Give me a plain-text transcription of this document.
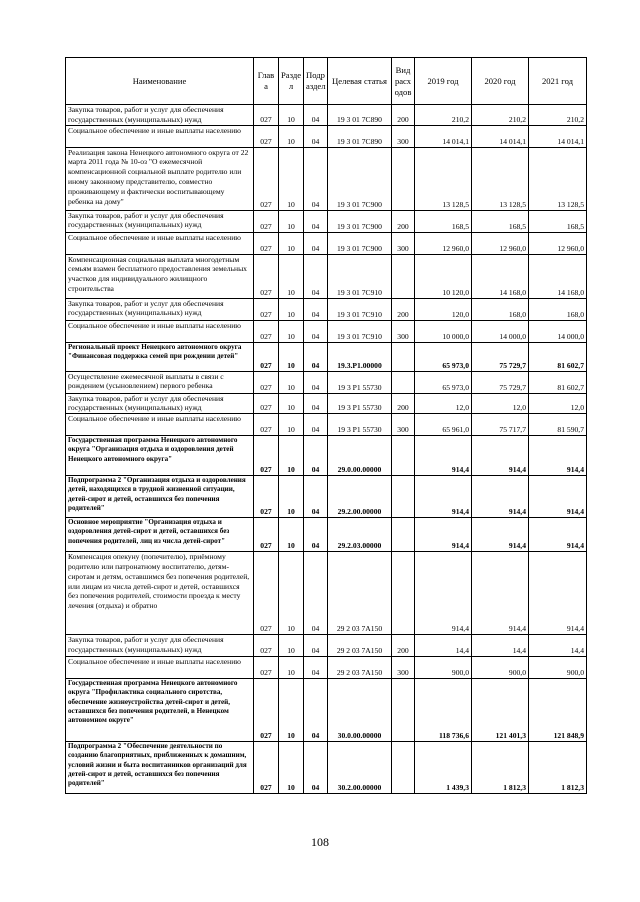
Наименование	Глав а	Разде л	Подр аздел	Целевая статья	Вид расх одов	2019 год	2020 год	2021 год
Закупка товаров, работ и услуг для обеспечения государственных (муниципальных) нужд	027	10	04	19 3 01 7С890	200	210,2	210,2	210,2
Социальное обеспечение и иные выплаты населению	027	10	04	19 3 01 7С890	300	14 014,1	14 014,1	14 014,1
Реализация закона Ненецкого автономного округа от 22 марта 2011 года № 10-оз "О ежемесячной компенсационной социальной выплате родителю или иному законному представителю, совместно проживающему и фактически воспитывающему ребенка на дому"	027	10	04	19 3 01 7С900		13 128,5	13 128,5	13 128,5
Закупка товаров, работ и услуг для обеспечения государственных (муниципальных) нужд	027	10	04	19 3 01 7С900	200	168,5	168,5	168,5
Социальное обеспечение и иные выплаты населению	027	10	04	19 3 01 7С900	300	12 960,0	12 960,0	12 960,0
Компенсационная социальная выплата многодетным семьям взамен бесплатного предоставления земельных участков для индивидуального жилищного строительства	027	10	04	19 3 01 7С910		10 120,0	14 168,0	14 168,0
Закупка товаров, работ и услуг для обеспечения государственных (муниципальных) нужд	027	10	04	19 3 01 7С910	200	120,0	168,0	168,0
Социальное обеспечение и иные выплаты населению	027	10	04	19 3 01 7С910	300	10 000,0	14 000,0	14 000,0
Региональный проект Ненецкого автономного округа "Финансовая поддержка семей при рождении детей"	027	10	04	19.3.Р1.00000		65 973,0	75 729,7	81 602,7
Осуществление ежемесячной выплаты в связи с рождением (усыновлением) первого ребенка	027	10	04	19 3 Р1 55730		65 973,0	75 729,7	81 602,7
Закупка товаров, работ и услуг для обеспечения государственных (муниципальных) нужд	027	10	04	19 3 Р1 55730	200	12,0	12,0	12,0
Социальное обеспечение и иные выплаты населению	027	10	04	19 3 Р1 55730	300	65 961,0	75 717,7	81 590,7
Государственная программа Ненецкого автономного округа "Организация отдыха и оздоровления детей Ненецкого автономного округа"	027	10	04	29.0.00.00000		914,4	914,4	914,4
Подпрограмма 2 "Организация отдыха и оздоровления детей, находящихся в трудной жизненной ситуации, детей-сирот и детей, оставшихся без попечения родителей"	027	10	04	29.2.00.00000		914,4	914,4	914,4
Основное мероприятие "Организация отдыха и оздоровления детей-сирот и детей, оставшихся без попечения родителей, лиц из числа детей-сирот"	027	10	04	29.2.03.00000		914,4	914,4	914,4
Компенсация опекуну (попечителю), приёмному родителю или патронатному воспитателю, детям-сиротам и детям, оставшимся без попечения родителей, или лицам из числа детей-сирот и детей, оставшихся без попечения родителей, стоимости проезда к месту лечения (отдыха) и обратно	027	10	04	29 2 03 7А150		914,4	914,4	914,4
Закупка товаров, работ и услуг для обеспечения государственных (муниципальных) нужд	027	10	04	29 2 03 7А150	200	14,4	14,4	14,4
Социальное обеспечение и иные выплаты населению	027	10	04	29 2 03 7А150	300	900,0	900,0	900,0
Государственная программа Ненецкого автономного округа "Профилактика социального сиротства, обеспечение жизнеустройства детей-сирот и детей, оставшихся без попечения родителей, в Ненецком автономном округе"	027	10	04	30.0.00.00000		118 736,6	121 401,3	121 848,9
Подпрограмма 2 "Обеспечение деятельности по созданию благоприятных, приближенных к домашним, условий жизни и быта воспитанников организаций для детей-сирот и детей, оставшихся без попечения родителей"	027	10	04	30.2.00.00000		1 439,3	1 812,3	1 812,3
108
